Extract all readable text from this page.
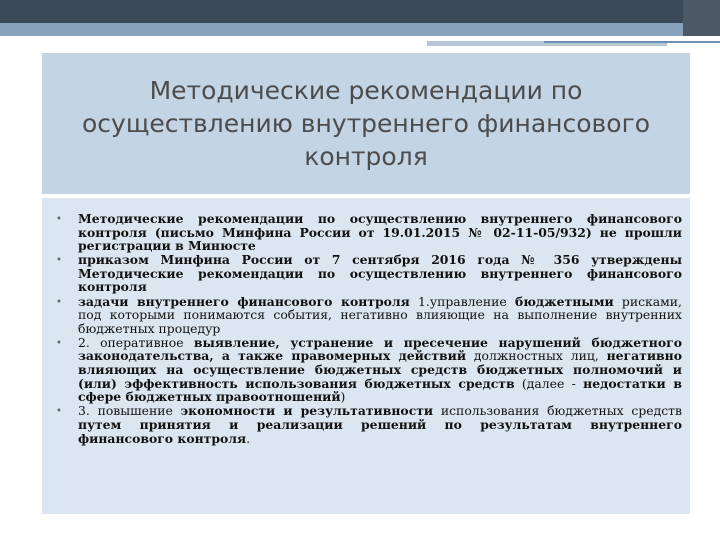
Методические рекомендации по осуществлению внутреннего финансового контроля
• Методические рекомендации по осуществлению внутреннего финансового контроля (письмо Минфина России от 19.01.2015 № 02-11-05/932) не прошли регистрации в Минюсте
• приказом Минфина России от 7 сентября 2016 года № 356 утверждены Методические рекомендации по осуществлению внутреннего финансового контроля
• задачи внутреннего финансового контроля 1.управление бюджетными рисками, под которыми понимаются события, негативно влияющие на выполнение внутренних бюджетных процедур
• 2. оперативное выявление, устранение и пресечение нарушений бюджетного законодательства, а также правомерных действий должностных лиц, негативно влияющих на осуществление бюджетных средств бюджетных полномочий и (или) эффективность использования бюджетных средств (далее - недостатки в сфере бюджетных правоотношений)
• 3. повышение экономности и результативности использования бюджетных средств путем принятия и реализации решений по результатам внутреннего финансового контроля.
